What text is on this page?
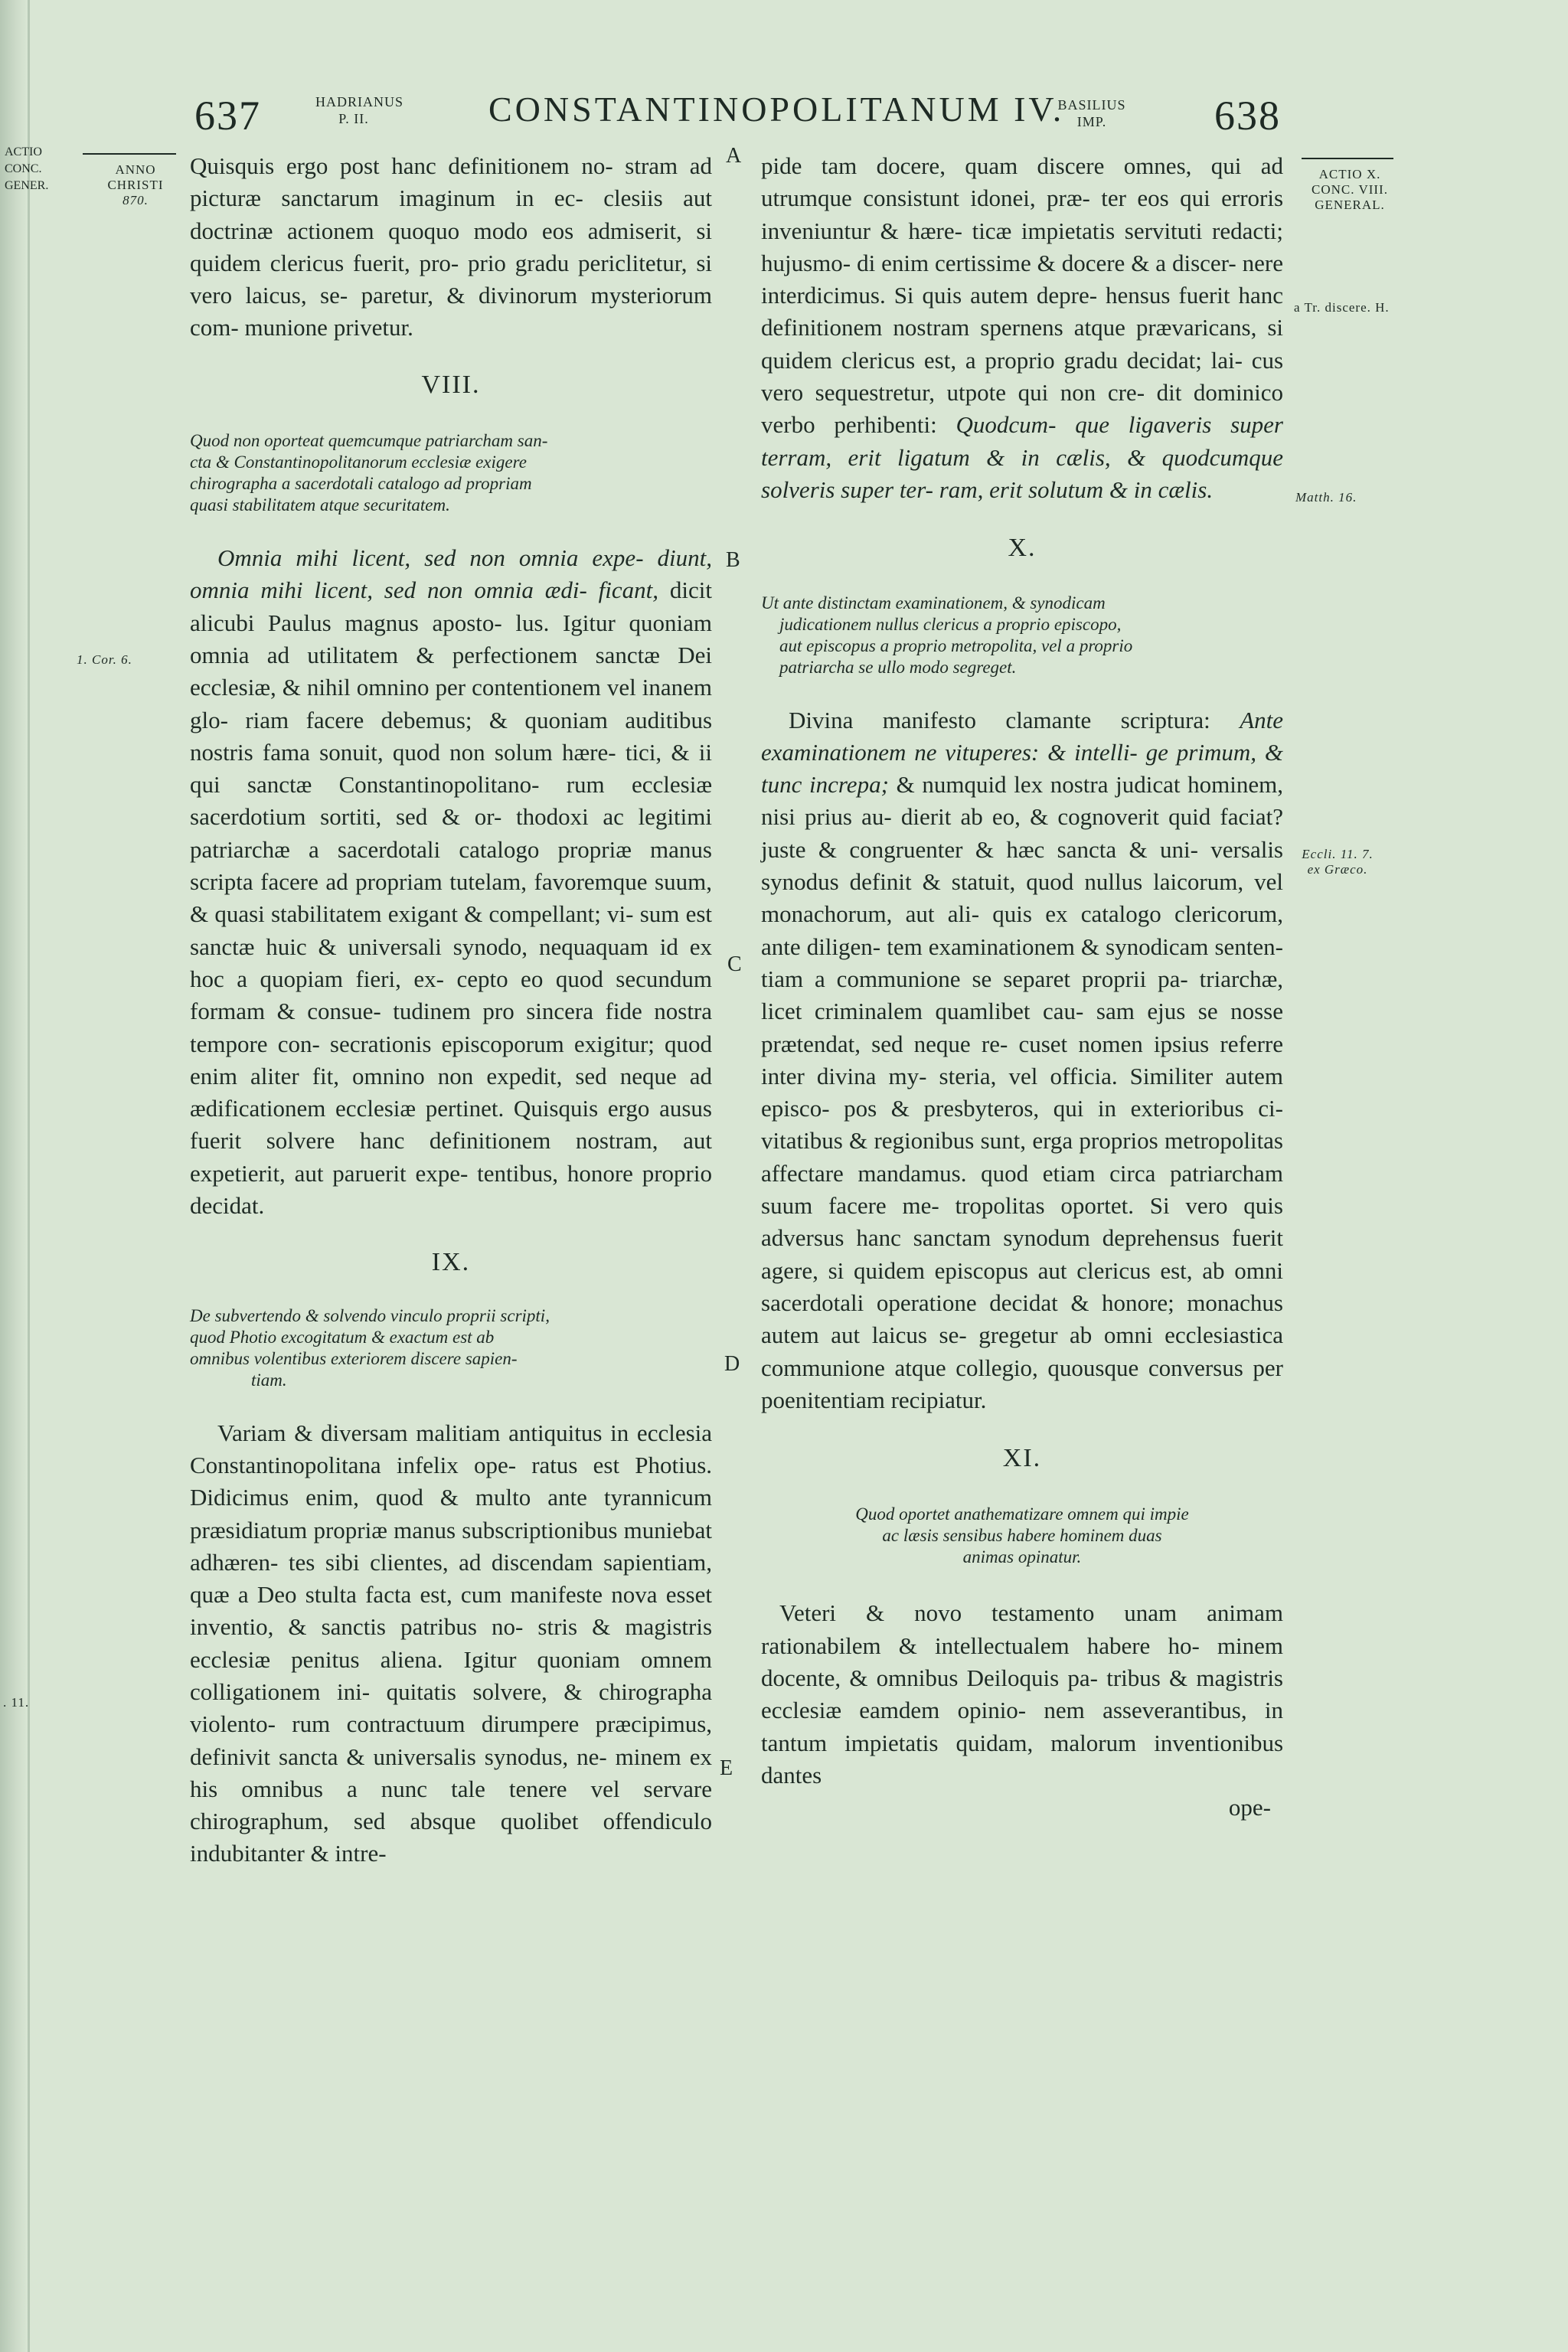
ACTIO
CONC.
GENER.
637	HADRIANUS
P. II.	CONSTANTINOPOLITANUM IV.
BASILIUS
IMP.	638
ANNO
CHRISTI
870.
1. Cor. 6.
. 11.
A
B
C
D
E
ACTIO X.
CONC. VIII.
GENERAL.
a Tr. discere. H.
Matth. 16.
Eccli. 11. 7.
ex Græco.

Quisquis ergo post hanc definitionem no- stram ad picturæ sanctarum imaginum in ec- clesiis aut doctrinæ actionem quoquo modo eos admiserit, si quidem clericus fuerit, pro- prio gradu periclitetur, si vero laicus, se- paretur, & divinorum mysteriorum com- munione privetur.

VIII.
Quod non oporteat quemcumque patriarcham san-
cta & Constantinopolitanorum ecclesiæ exigere
chirographa a sacerdotali catalogo ad propriam
quasi stabilitatem atque securitatem.

Omnia mihi licent, sed non omnia expe- diunt, omnia mihi licent, sed non omnia ædi- ficant, dicit alicubi Paulus magnus aposto- lus. Igitur quoniam omnia ad utilitatem & perfectionem sanctæ Dei ecclesiæ, & nihil omnino per contentionem vel inanem glo- riam facere debemus; & quoniam auditibus nostris fama sonuit, quod non solum hære- tici, & ii qui sanctæ Constantinopolitano- rum ecclesiæ sacerdotium sortiti, sed & or- thodoxi ac legitimi patriarchæ a sacerdotali catalogo propriæ manus scripta facere ad propriam tutelam, favoremque suum, & quasi stabilitatem exigant & compellant; vi- sum est sanctæ huic & universali synodo, nequaquam id ex hoc a quopiam fieri, ex- cepto eo quod secundum formam & consue- tudinem pro sincera fide nostra tempore con- secrationis episcoporum exigitur; quod enim aliter fit, omnino non expedit, sed neque ad ædificationem ecclesiæ pertinet. Quisquis ergo ausus fuerit solvere hanc definitionem nostram, aut expetierit, aut paruerit expe- tentibus, honore proprio decidat.

IX.
De subvertendo & solvendo vinculo proprii scripti,
quod Photio excogitatum & exactum est ab
omnibus volentibus exteriorem discere sapien-
tiam.

Variam & diversam malitiam antiquitus in ecclesia Constantinopolitana infelix ope- ratus est Photius. Didicimus enim, quod & multo ante tyrannicum præsidiatum propriæ manus subscriptionibus muniebat adhæren- tes sibi clientes, ad discendam sapientiam, quæ a Deo stulta facta est, cum manifeste nova esset inventio, & sanctis patribus no- stris & magistris ecclesiæ penitus aliena. Igitur quoniam omnem colligationem ini- quitatis solvere, & chirographa violento- rum contractuum dirumpere præcipimus, definivit sancta & universalis synodus, ne- minem ex his omnibus a nunc tale tenere vel servare chirographum, sed absque quolibet offendiculo indubitanter & intre-

pide tam docere, quam discere omnes, qui ad utrumque consistunt idonei, præ- ter eos qui erroris inveniuntur & hære- ticæ impietatis servituti redacti; hujusmo- di enim certissime & docere & a discer- nere interdicimus. Si quis autem depre- hensus fuerit hanc definitionem nostram spernens atque prævaricans, si quidem clericus est, a proprio gradu decidat; lai- cus vero sequestretur, utpote qui non cre- dit dominico verbo perhibenti: Quodcum- que ligaveris super terram, erit ligatum & in cælis, & quodcumque solveris super ter- ram, erit solutum & in cælis.

X.
Ut ante distinctam examinationem, & synodicam
judicationem nullus clericus a proprio episcopo,
aut episcopus a proprio metropolita, vel a proprio
patriarcha se ullo modo segreget.

Divina manifesto clamante scriptura: Ante examinationem ne vituperes: & intelli- ge primum, & tunc increpa; & numquid lex nostra judicat hominem, nisi prius au- dierit ab eo, & cognoverit quid faciat? juste & congruenter & hæc sancta & uni- versalis synodus definit & statuit, quod nullus laicorum, vel monachorum, aut ali- quis ex catalogo clericorum, ante diligen- tem examinationem & synodicam senten- tiam a communione se separet proprii pa- triarchæ, licet criminalem quamlibet cau- sam ejus se nosse prætendat, sed neque re- cuset nomen ipsius referre inter divina my- steria, vel officia. Similiter autem episco- pos & presbyteros, qui in exterioribus ci- vitatibus & regionibus sunt, erga proprios metropolitas affectare mandamus. quod etiam circa patriarcham suum facere me- tropolitas oportet. Si vero quis adversus hanc sanctam synodum deprehensus fuerit agere, si quidem episcopus aut clericus est, ab omni sacerdotali operatione decidat & honore; monachus autem aut laicus se- gregetur ab omni ecclesiastica communione atque collegio, quousque conversus per poenitentiam recipiatur.

XI.
Quod oportet anathematizare omnem qui impie
ac læsis sensibus habere hominem duas
animas opinatur.

Veteri & novo testamento unam animam rationabilem & intellectualem habere ho- minem docente, & omnibus Deiloquis pa- tribus & magistris ecclesiæ eamdem opinio- nem asseverantibus, in tantum impietatis quidam, malorum inventionibus dantes

ope-
